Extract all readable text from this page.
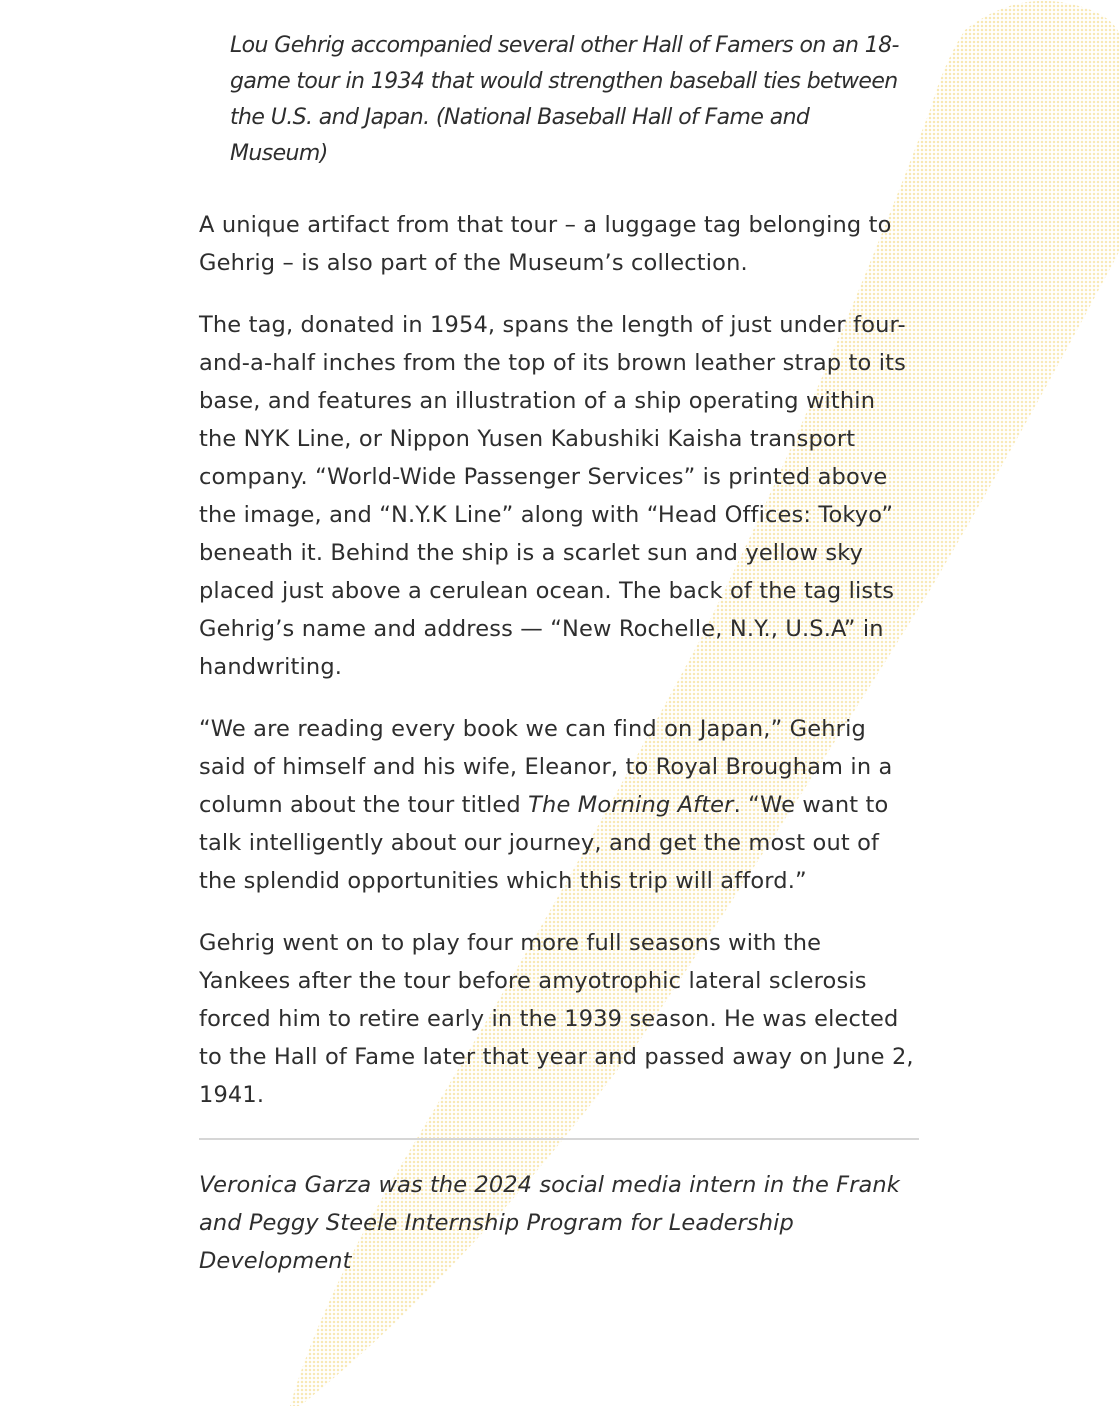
Lou Gehrig accompanied several other Hall of Famers on an 18-game tour in 1934 that would strengthen baseball ties between the U.S. and Japan. (National Baseball Hall of Fame and Museum)

A unique artifact from that tour – a luggage tag belonging to Gehrig – is also part of the Museum’s collection.

The tag, donated in 1954, spans the length of just under four-and-a-half inches from the top of its brown leather strap to its base, and features an illustration of a ship operating within the NYK Line, or Nippon Yusen Kabushiki Kaisha transport company. “World-Wide Passenger Services” is printed above the image, and “N.Y.K Line” along with “Head Offices: Tokyo” beneath it. Behind the ship is a scarlet sun and yellow sky placed just above a cerulean ocean. The back of the tag lists Gehrig’s name and address — “New Rochelle, N.Y., U.S.A” in handwriting.

“We are reading every book we can find on Japan,” Gehrig said of himself and his wife, Eleanor, to Royal Brougham in a column about the tour titled The Morning After. “We want to talk intelligently about our journey, and get the most out of the splendid opportunities which this trip will afford.”

Gehrig went on to play four more full seasons with the Yankees after the tour before amyotrophic lateral sclerosis forced him to retire early in the 1939 season. He was elected to the Hall of Fame later that year and passed away on June 2, 1941.

Veronica Garza was the 2024 social media intern in the Frank and Peggy Steele Internship Program for Leadership Development
